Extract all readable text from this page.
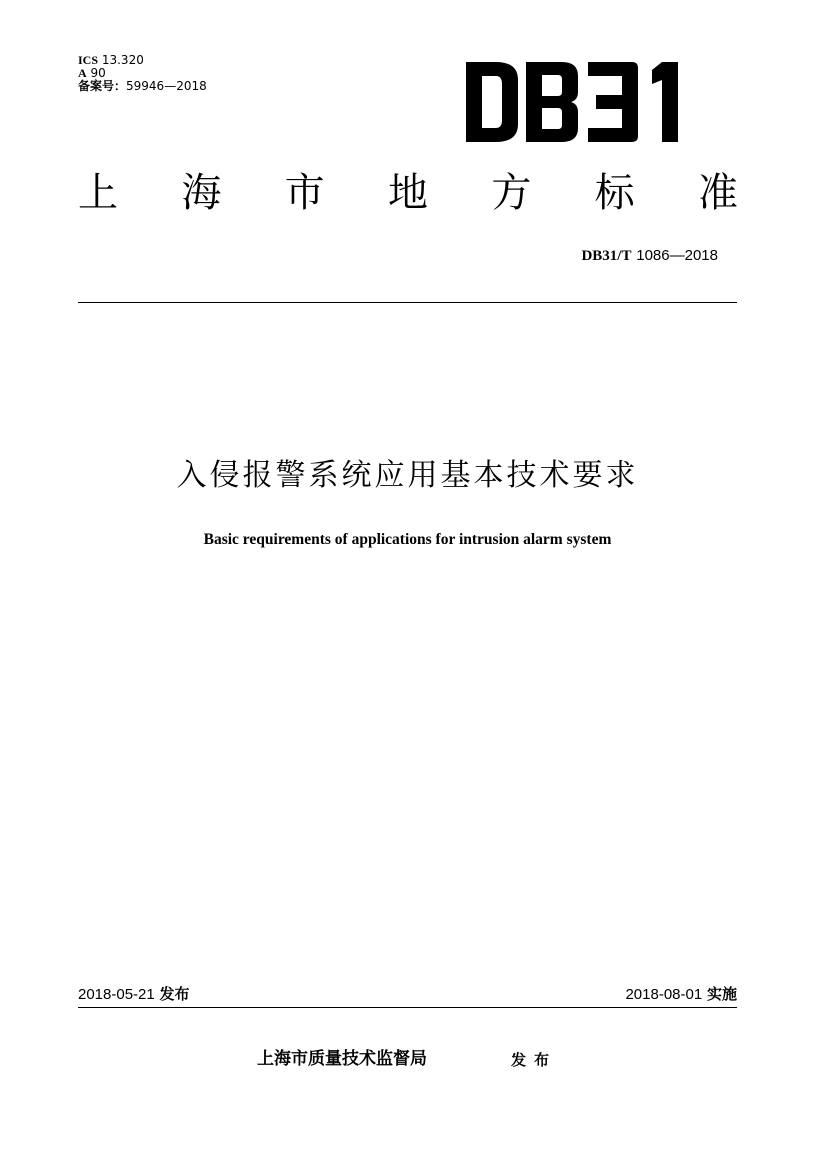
ICS 13.320
A 90
备案号：59946—2018
上 海 市 地 方 标 准
DB31/T 1086—2018
入侵报警系统应用基本技术要求
Basic requirements of applications for intrusion alarm system
2018-05-21 发布	2018-08-01 实施
上海市质量技术监督局	发布
